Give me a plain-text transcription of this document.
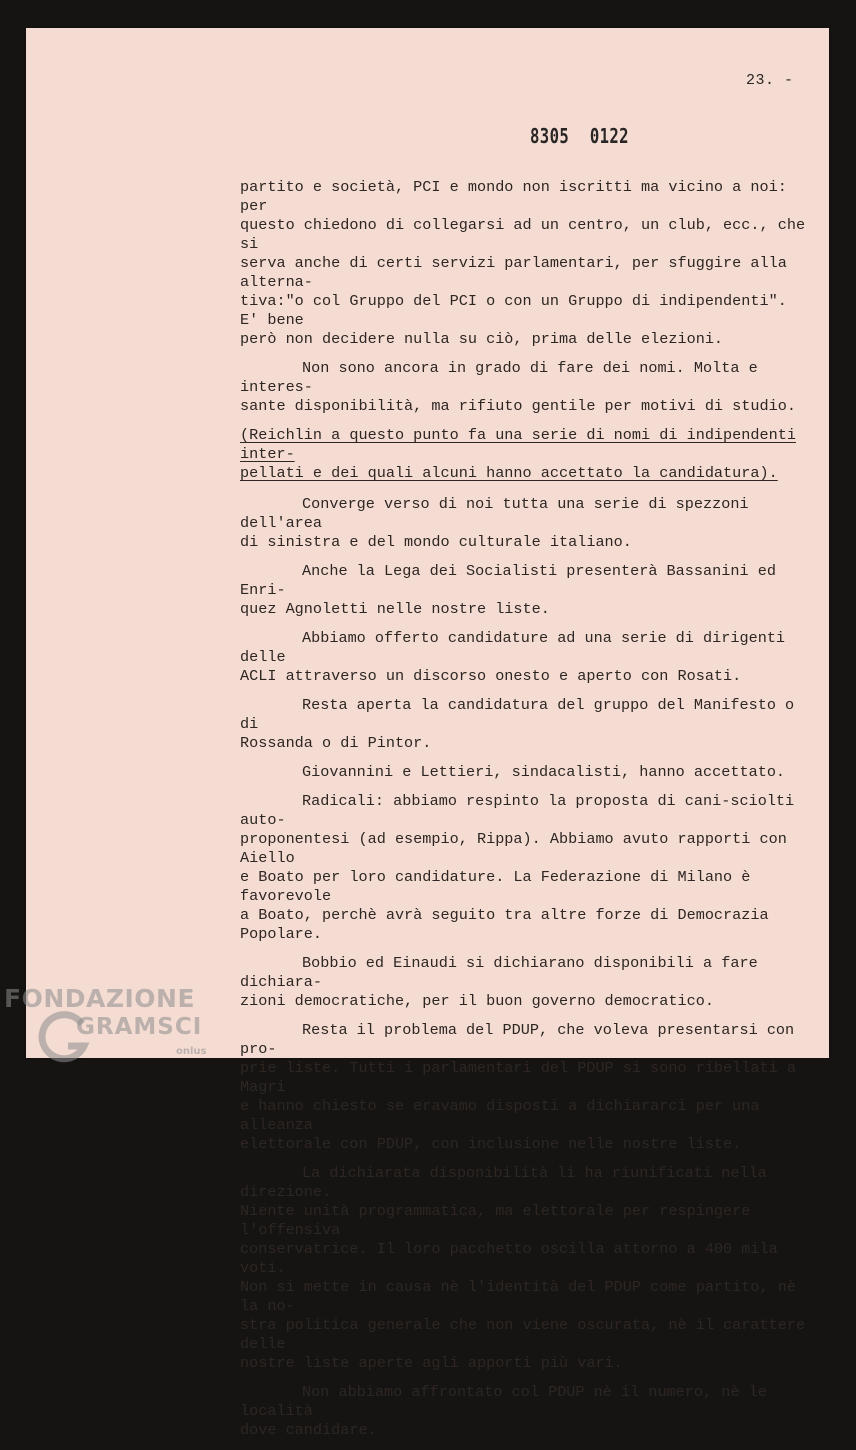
23. -
8305 0122

partito e società, PCI e mondo non iscritti ma vicino a noi: per
questo chiedono di collegarsi ad un centro, un club, ecc., che si
serva anche di certi servizi parlamentari, per sfuggire alla alterna-
tiva:"o col Gruppo del PCI o con un Gruppo di indipendenti". E' bene
però non decidere nulla su ciò, prima delle elezioni.

Non sono ancora in grado di fare dei nomi. Molta e interes-
sante disponibilità, ma rifiuto gentile per motivi di studio.

(Reichlin a questo punto fa una serie di nomi di indipendenti inter-
pellati e dei quali alcuni hanno accettato la candidatura).

Converge verso di noi tutta una serie di spezzoni dell'area
di sinistra e del mondo culturale italiano.

Anche la Lega dei Socialisti presenterà Bassanini ed Enri-
quez Agnoletti nelle nostre liste.

Abbiamo offerto candidature ad una serie di dirigenti delle
ACLI attraverso un discorso onesto e aperto con Rosati.

Resta aperta la candidatura del gruppo del Manifesto o di
Rossanda o di Pintor.

Giovannini e Lettieri, sindacalisti, hanno accettato.

Radicali: abbiamo respinto la proposta di cani-sciolti auto-
proponentesi (ad esempio, Rippa). Abbiamo avuto rapporti con Aiello
e Boato per loro candidature. La Federazione di Milano è favorevole
a Boato, perchè avrà seguito tra altre forze di Democrazia Popolare.

Bobbio ed Einaudi si dichiarano disponibili a fare dichiara-
zioni democratiche, per il buon governo democratico.

Resta il problema del PDUP, che voleva presentarsi con pro-
prie liste. Tutti i parlamentari del PDUP si sono ribellati a Magri
e hanno chiesto se eravamo disposti a dichiararci per una alleanza
elettorale con PDUP, con inclusione nelle nostre liste.

La dichiarata disponibilità li ha riunificati nella direzione.
Niente unità programmatica, ma elettorale per respingere l'offensiva
conservatrice. Il loro pacchetto oscilla attorno a 400 mila voti.
Non si mette in causa nè l'identità del PDUP come partito, nè la no-
stra politica generale che non viene oscurata, nè il carattere delle
nostre liste aperte agli apporti più vari.

Non abbiamo affrontato col PDUP nè il numero, nè le località
dove candidare.

FONDAZIONE
GRAMSCI
onlus
